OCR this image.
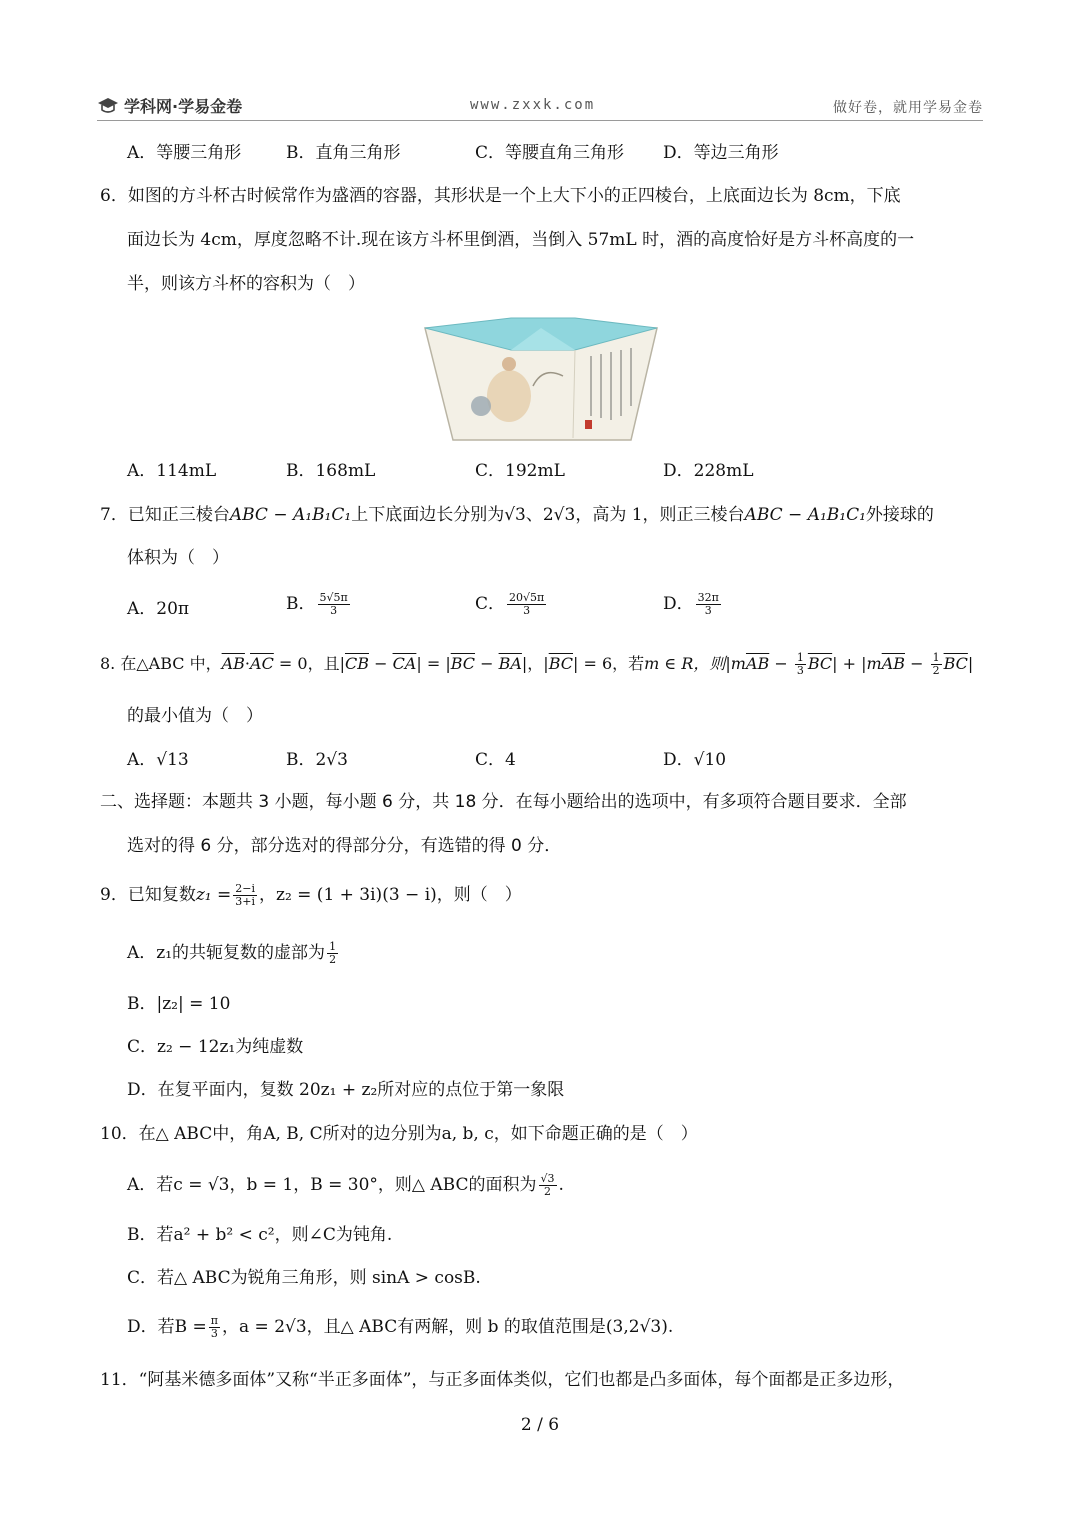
学科网·学易金卷	www.zxxk.com	做好卷，就用学易金卷
A．等腰三角形	B．直角三角形	C．等腰直角三角形 D．等边三角形
6．如图的方斗杯古时候常作为盛酒的容器，其形状是一个上大下小的正四棱台，上底面边长为 8cm，下底
面边长为 4cm，厚度忽略不计.现在该方斗杯里倒酒，当倒入 57mL 时，酒的高度恰好是方斗杯高度的一
半，则该方斗杯的容积为（　）
A．114mL	B．168mL	C．192mL	D．228mL
7．已知正三棱台ABC − A₁B₁C₁上下底面边长分别为√3、2√3，高为 1，则正三棱台ABC − A₁B₁C₁外接球的
体积为（　）
A．20π	B． $\frac{5√5\pi}{3}$	C． $\frac{20√5\pi}{3}$	D． $\frac{32\pi}{3}$
8. 在△ABC 中，$\overline{AB}\cdot\overline{AC} = 0$，且$|\overline{CB} - \overline{CA}| = |\overline{BC} - \overline{BA}|$，$|\overline{BC}| = 6$，若m ∈ R，则$|m\overline{AB} - \frac{1}{3} \overline{BC}| + |m\overline{AB} - \frac{1}{2} \overline{BC}|$
的最小值为（　）
A．√13	B．2√3	C．4	D．√10
二、选择题：本题共 3 小题，每小题 6 分，共 18 分．在每小题给出的选项中，有多项符合题目要求．全部
选对的得 6 分，部分选对的得部分分，有选错的得 0 分．
9．已知复数$z_1 = \frac{2-i}{3+i}$ ，z₂ = (1 + 3i)(3 − i)，则（　）
A．z₁的共轭复数的虚部为 $\frac{1}{2}$
B．|z₂| = 10
C．z₂ − 12z₁为纯虚数
D．在复平面内，复数 20z₁ + z₂所对应的点位于第一象限
10．在△ ABC中，角A, B, C所对的边分别为a, b, c，如下命题正确的是（　）
A．若c = √3，b = 1，B = 30°，则△ ABC的面积为 $\frac{√3}{2}$ .
B．若a² + b² < c²，则∠C为钝角.
C．若△ ABC为锐角三角形，则 sinA > cosB.
D．若$B = \frac{\pi}{3}$ ，a = 2√3，且△ ABC有两解，则 b 的取值范围是(3,2√3).
11．“阿基米德多面体”又称“半正多面体”，与正多面体类似，它们也都是凸多面体，每个面都是正多边形，
2 / 6
